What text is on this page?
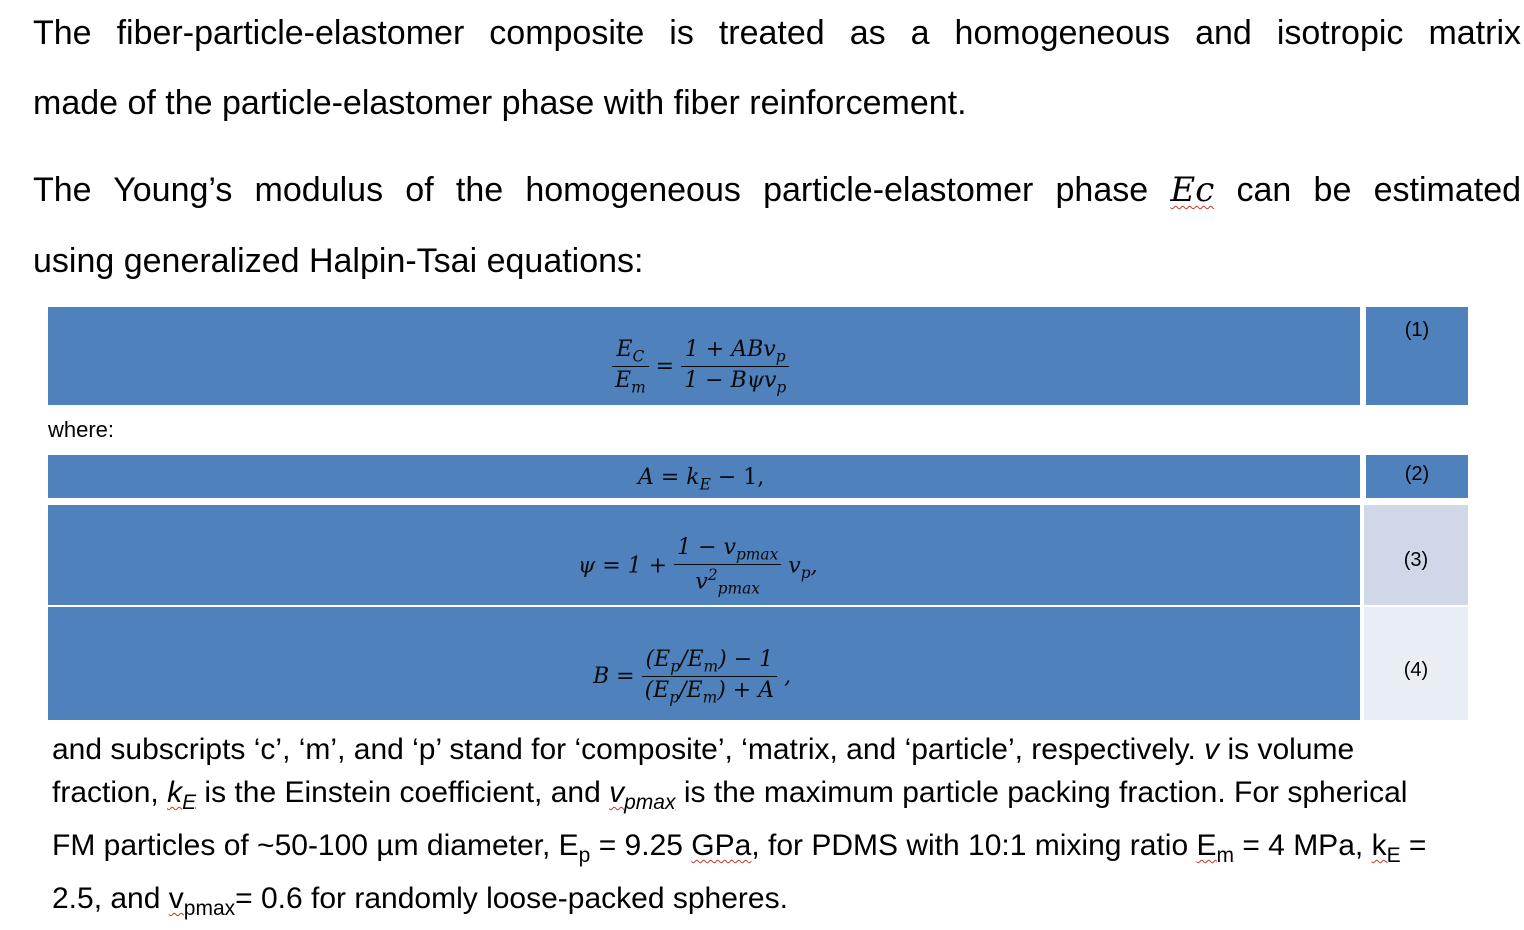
The fiber-particle-elastomer composite is treated as a homogeneous and isotropic matrix
made of the particle-elastomer phase with fiber reinforcement.
The Young’s modulus of the homogeneous particle-elastomer phase Ec can be estimated
using generalized Halpin-Tsai equations:
(1)
$\frac{E_C}{E_m} = \frac{1 + ABv_p}{1 - B\psi v_p}$
where:
(2)
$A = k_E - 1$,
(3)
$\psi = 1 + \frac{1 - v_{pmax}}{v^2_{pmax}} v_p$,
(4)
$B = \frac{(E_p/E_m) - 1}{(E_p/E_m) + A}$ ,
and subscripts ‘c’, ‘m’, and ‘p’ stand for ‘composite’, ‘matrix, and ‘particle’, respectively. v is volume
fraction, $k_E$ is the Einstein coefficient, and $v_{pmax}$ is the maximum particle packing fraction. For spherical
FM particles of ~50-100 µm diameter, $E_p = 9.25$ GPa, for PDMS with 10:1 mixing ratio $E_m = 4$ MPa, $k_E$ =
2.5, and $v_{pmax}= 0.6$ for randomly loose-packed spheres.
